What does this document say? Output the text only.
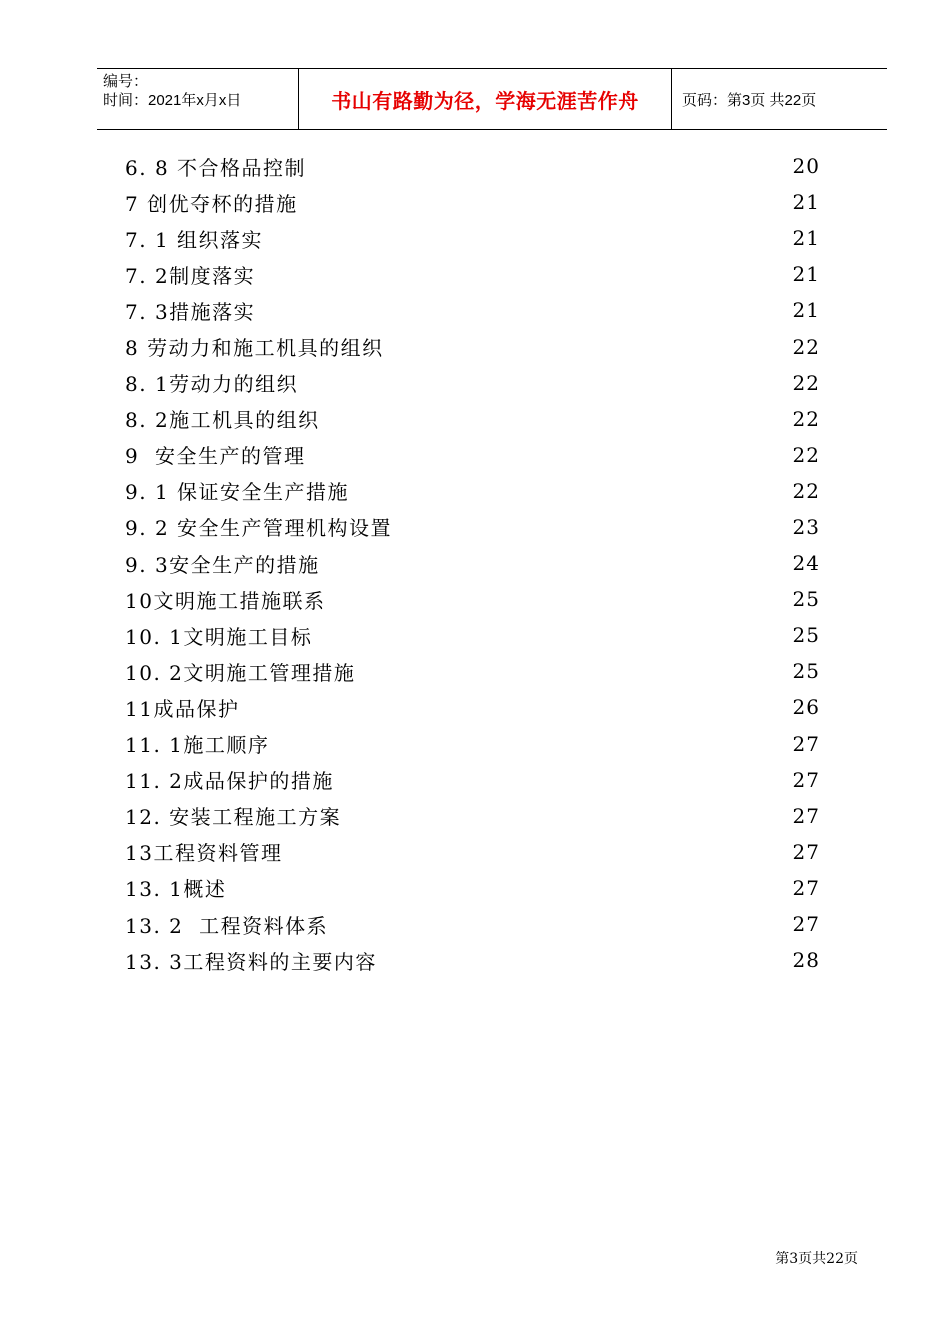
编号：
时间：2021年x月x日	书山有路勤为径，学海无涯苦作舟	页码：第3页 共22页
6. 8 不合格品控制	20
7 创优夺杯的措施	21
7. 1 组织落实	21
7. 2制度落实	21
7. 3措施落实	21
8 劳动力和施工机具的组织	22
8. 1劳动力的组织	22
8. 2施工机具的组织	22
9  安全生产的管理	22
9. 1 保证安全生产措施	22
9. 2 安全生产管理机构设置	23
9. 3安全生产的措施	24
10文明施工措施联系	25
10. 1文明施工目标	25
10. 2文明施工管理措施	25
11成品保护	26
11. 1施工顺序	27
11. 2成品保护的措施	27
12. 安装工程施工方案	27
13工程资料管理	27
13. 1概述	27
13. 2  工程资料体系	27
13. 3工程资料的主要内容	28
第3页共22页
